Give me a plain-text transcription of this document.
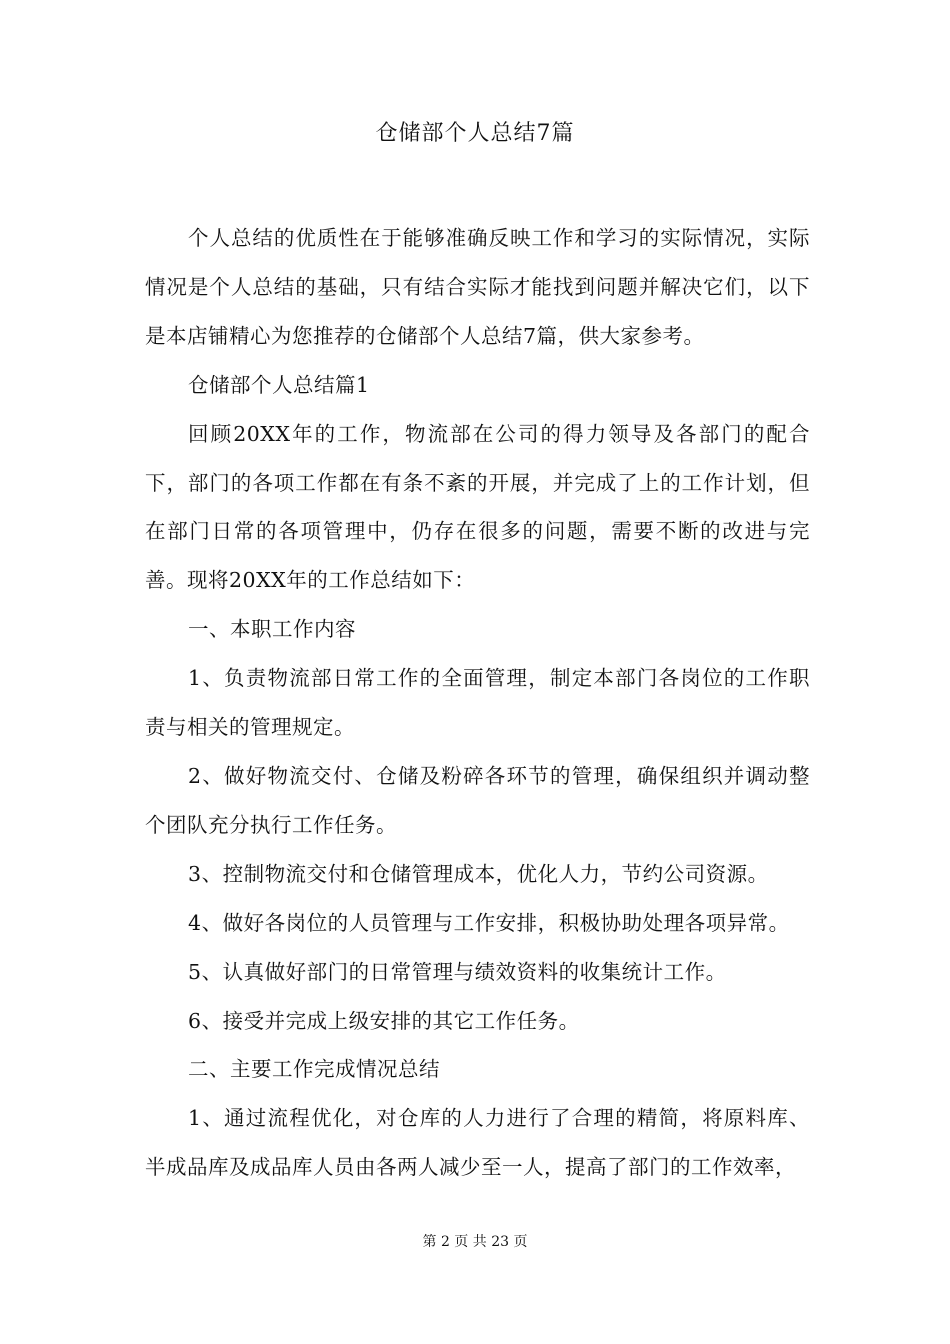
仓储部个人总结7篇

个人总结的优质性在于能够准确反映工作和学习的实际情况，实际情况是个人总结的基础，只有结合实际才能找到问题并解决它们，以下是本店铺精心为您推荐的仓储部个人总结7篇，供大家参考。

仓储部个人总结篇1

回顾20XX年的工作，物流部在公司的得力领导及各部门的配合下，部门的各项工作都在有条不紊的开展，并完成了上的工作计划，但在部门日常的各项管理中，仍存在很多的问题，需要不断的改进与完善。现将20XX年的工作总结如下：

一、本职工作内容

1、负责物流部日常工作的全面管理，制定本部门各岗位的工作职责与相关的管理规定。

2、做好物流交付、仓储及粉碎各环节的管理，确保组织并调动整个团队充分执行工作任务。

3、控制物流交付和仓储管理成本，优化人力，节约公司资源。

4、做好各岗位的人员管理与工作安排，积极协助处理各项异常。

5、认真做好部门的日常管理与绩效资料的收集统计工作。

6、接受并完成上级安排的其它工作任务。

二、主要工作完成情况总结

1、通过流程优化，对仓库的人力进行了合理的精简，将原料库、半成品库及成品库人员由各两人减少至一人，提高了部门的工作效率，

第 2 页 共 23 页
